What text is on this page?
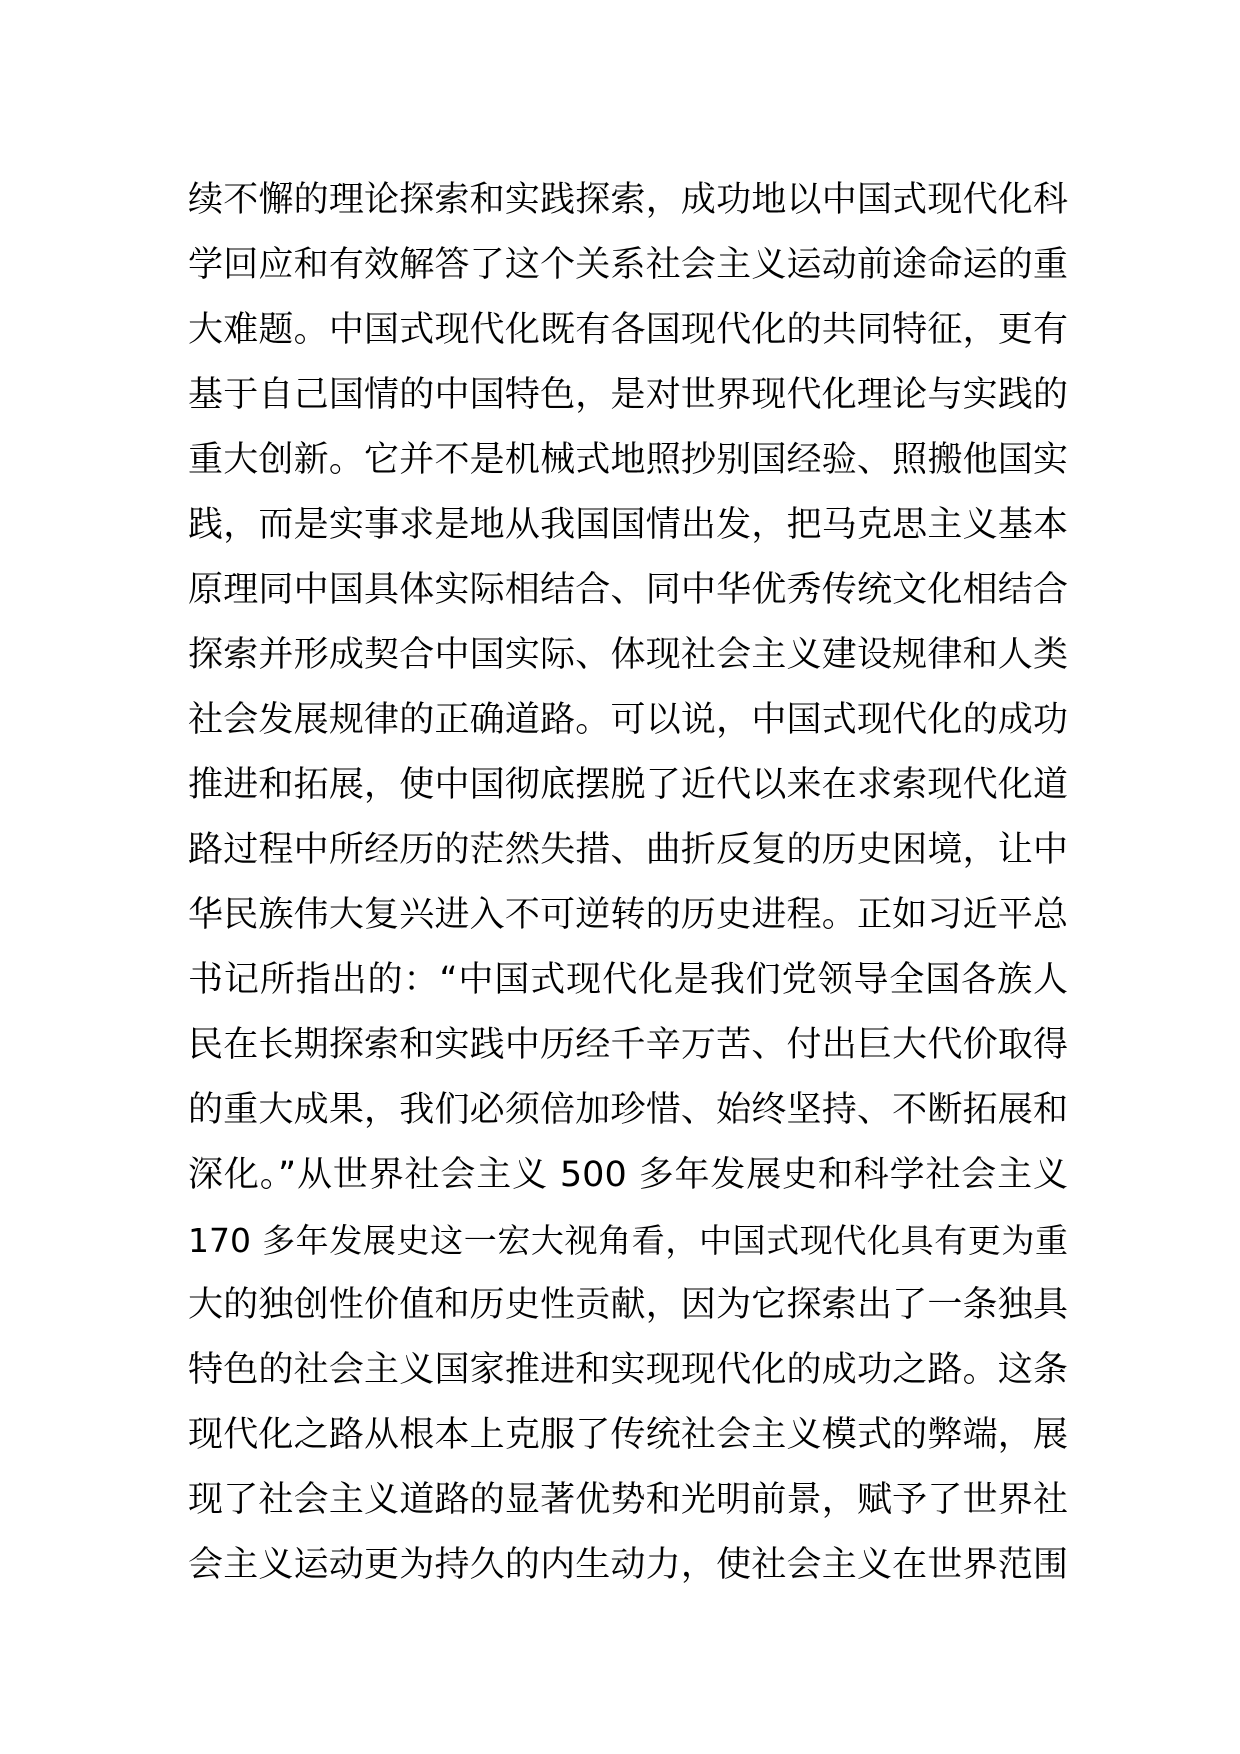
续不懈的理论探索和实践探索，成功地以中国式现代化科
学回应和有效解答了这个关系社会主义运动前途命运的重
大难题。中国式现代化既有各国现代化的共同特征，更有
基于自己国情的中国特色，是对世界现代化理论与实践的
重大创新。它并不是机械式地照抄别国经验、照搬他国实
践，而是实事求是地从我国国情出发，把马克思主义基本
原理同中国具体实际相结合、同中华优秀传统文化相结合
探索并形成契合中国实际、体现社会主义建设规律和人类
社会发展规律的正确道路。可以说，中国式现代化的成功
推进和拓展，使中国彻底摆脱了近代以来在求索现代化道
路过程中所经历的茫然失措、曲折反复的历史困境，让中
华民族伟大复兴进入不可逆转的历史进程。正如习近平总
书记所指出的：“中国式现代化是我们党领导全国各族人
民在长期探索和实践中历经千辛万苦、付出巨大代价取得
的重大成果，我们必须倍加珍惜、始终坚持、不断拓展和
深化。”从世界社会主义 500 多年发展史和科学社会主义
170 多年发展史这一宏大视角看，中国式现代化具有更为重
大的独创性价值和历史性贡献，因为它探索出了一条独具
特色的社会主义国家推进和实现现代化的成功之路。这条
现代化之路从根本上克服了传统社会主义模式的弊端，展
现了社会主义道路的显著优势和光明前景，赋予了世界社
会主义运动更为持久的内生动力，使社会主义在世界范围
